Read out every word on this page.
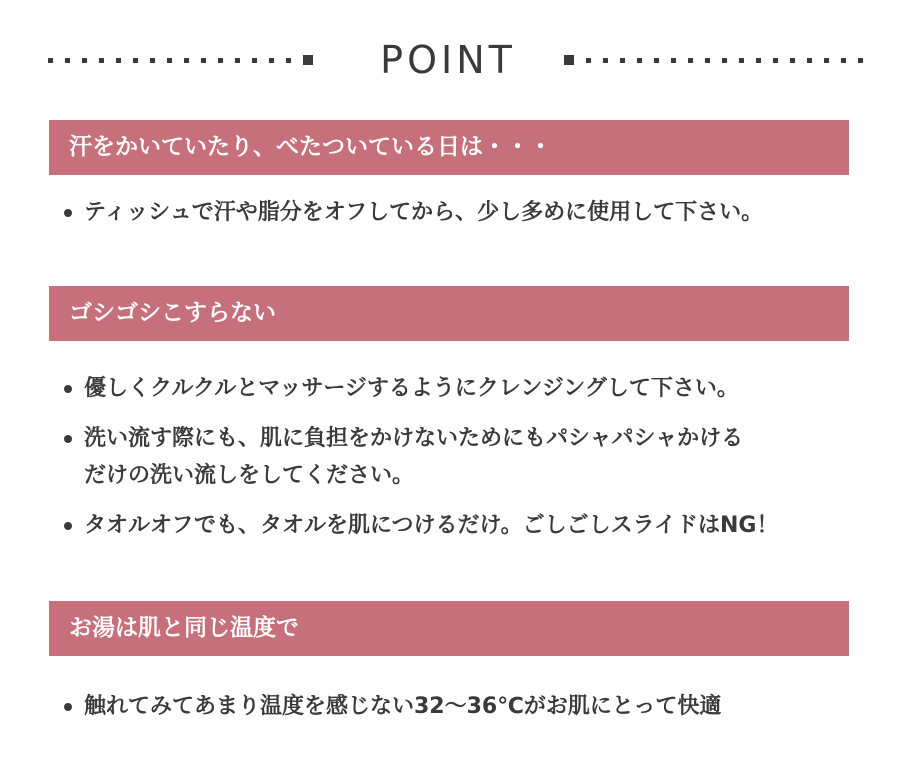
POINT
汗をかいていたり、べたついている日は・・・
ティッシュで汗や脂分をオフしてから、少し多めに使用して下さい。
ゴシゴシこすらない
優しくクルクルとマッサージするようにクレンジングして下さい。
洗い流す際にも、肌に負担をかけないためにもパシャパシャかける
だけの洗い流しをしてください。
タオルオフでも、タオルを肌につけるだけ。ごしごしスライドはNG！
お湯は肌と同じ温度で
触れてみてあまり温度を感じない32〜36℃がお肌にとって快適
